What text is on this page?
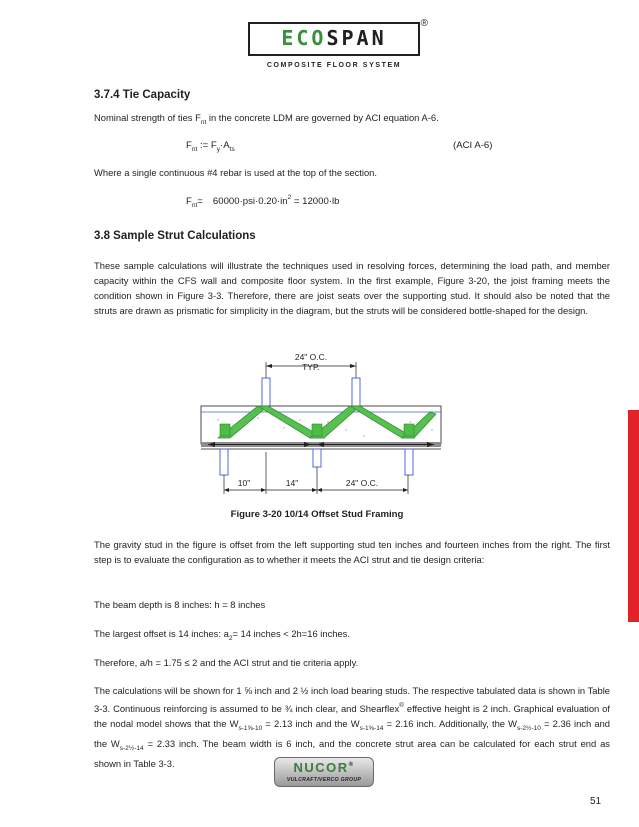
ECOSPAN
®
COMPOSITE FLOOR SYSTEM
3.7.4 Tie Capacity
Nominal strength of ties $F_{nt}$ in the concrete LDM are governed by ACI equation A-6.
$F_{nt}$ := $F_y\cdot A_{ts}$	(ACI A-6)
Where a single continuous #4 rebar is used at the top of the section.
$F_{nt}= 60000\cdot psi\cdot 0.20\cdot in^2 = 12000\cdot lb$
3.8 Sample Strut Calculations
These sample calculations will illustrate the techniques used in resolving forces, determining the load path, and member capacity within the CFS wall and composite floor system. In the first example, Figure 3-20, the joist framing meets the condition shown in Figure 3-3. Therefore, there are joist seats over the supporting stud. It should also be noted that the struts are drawn as prismatic for simplicity in the diagram, but the struts will be considered bottle-shaped for the design.
24" O.C.
TYP.
10"	14"	24" O.C.
Figure 3-20 10/14 Offset Stud Framing
The gravity stud in the figure is offset from the left supporting stud ten inches and fourteen inches from the right. The first step is to evaluate the configuration as to whether it meets the ACI strut and tie design criteria:
The beam depth is 8 inches: h = 8 inches
The largest offset is 14 inches: $a_2= 14$ inches < 2h=16 inches.
Therefore, a/h = 1.75 ≤ 2 and the ACI strut and tie criteria apply.
The calculations will be shown for 1 ⅝ inch and 2 ½ inch load bearing studs. The respective tabulated data is shown in Table 3-3. Continuous reinforcing is assumed to be ¾ inch clear, and Shearflex® effective height is 2 inch. Graphical evaluation of the nodal model shows that the $W_{s-1\frac{5}{8}-10} = 2.13$ inch and the $W_{s-1\frac{5}{8}-14} = 2.16$ inch. Additionally, the $W_{s-2\frac{1}{2}-10} = 2.36$ inch and the $W_{s-2\frac{1}{2}-14} = 2.33$ inch. The beam width is 6 inch, and the concrete strut area can be calculated for each strut end as shown in Table 3-3.	NUCOR®
VULCRAFT/VERCO GROUP
51
